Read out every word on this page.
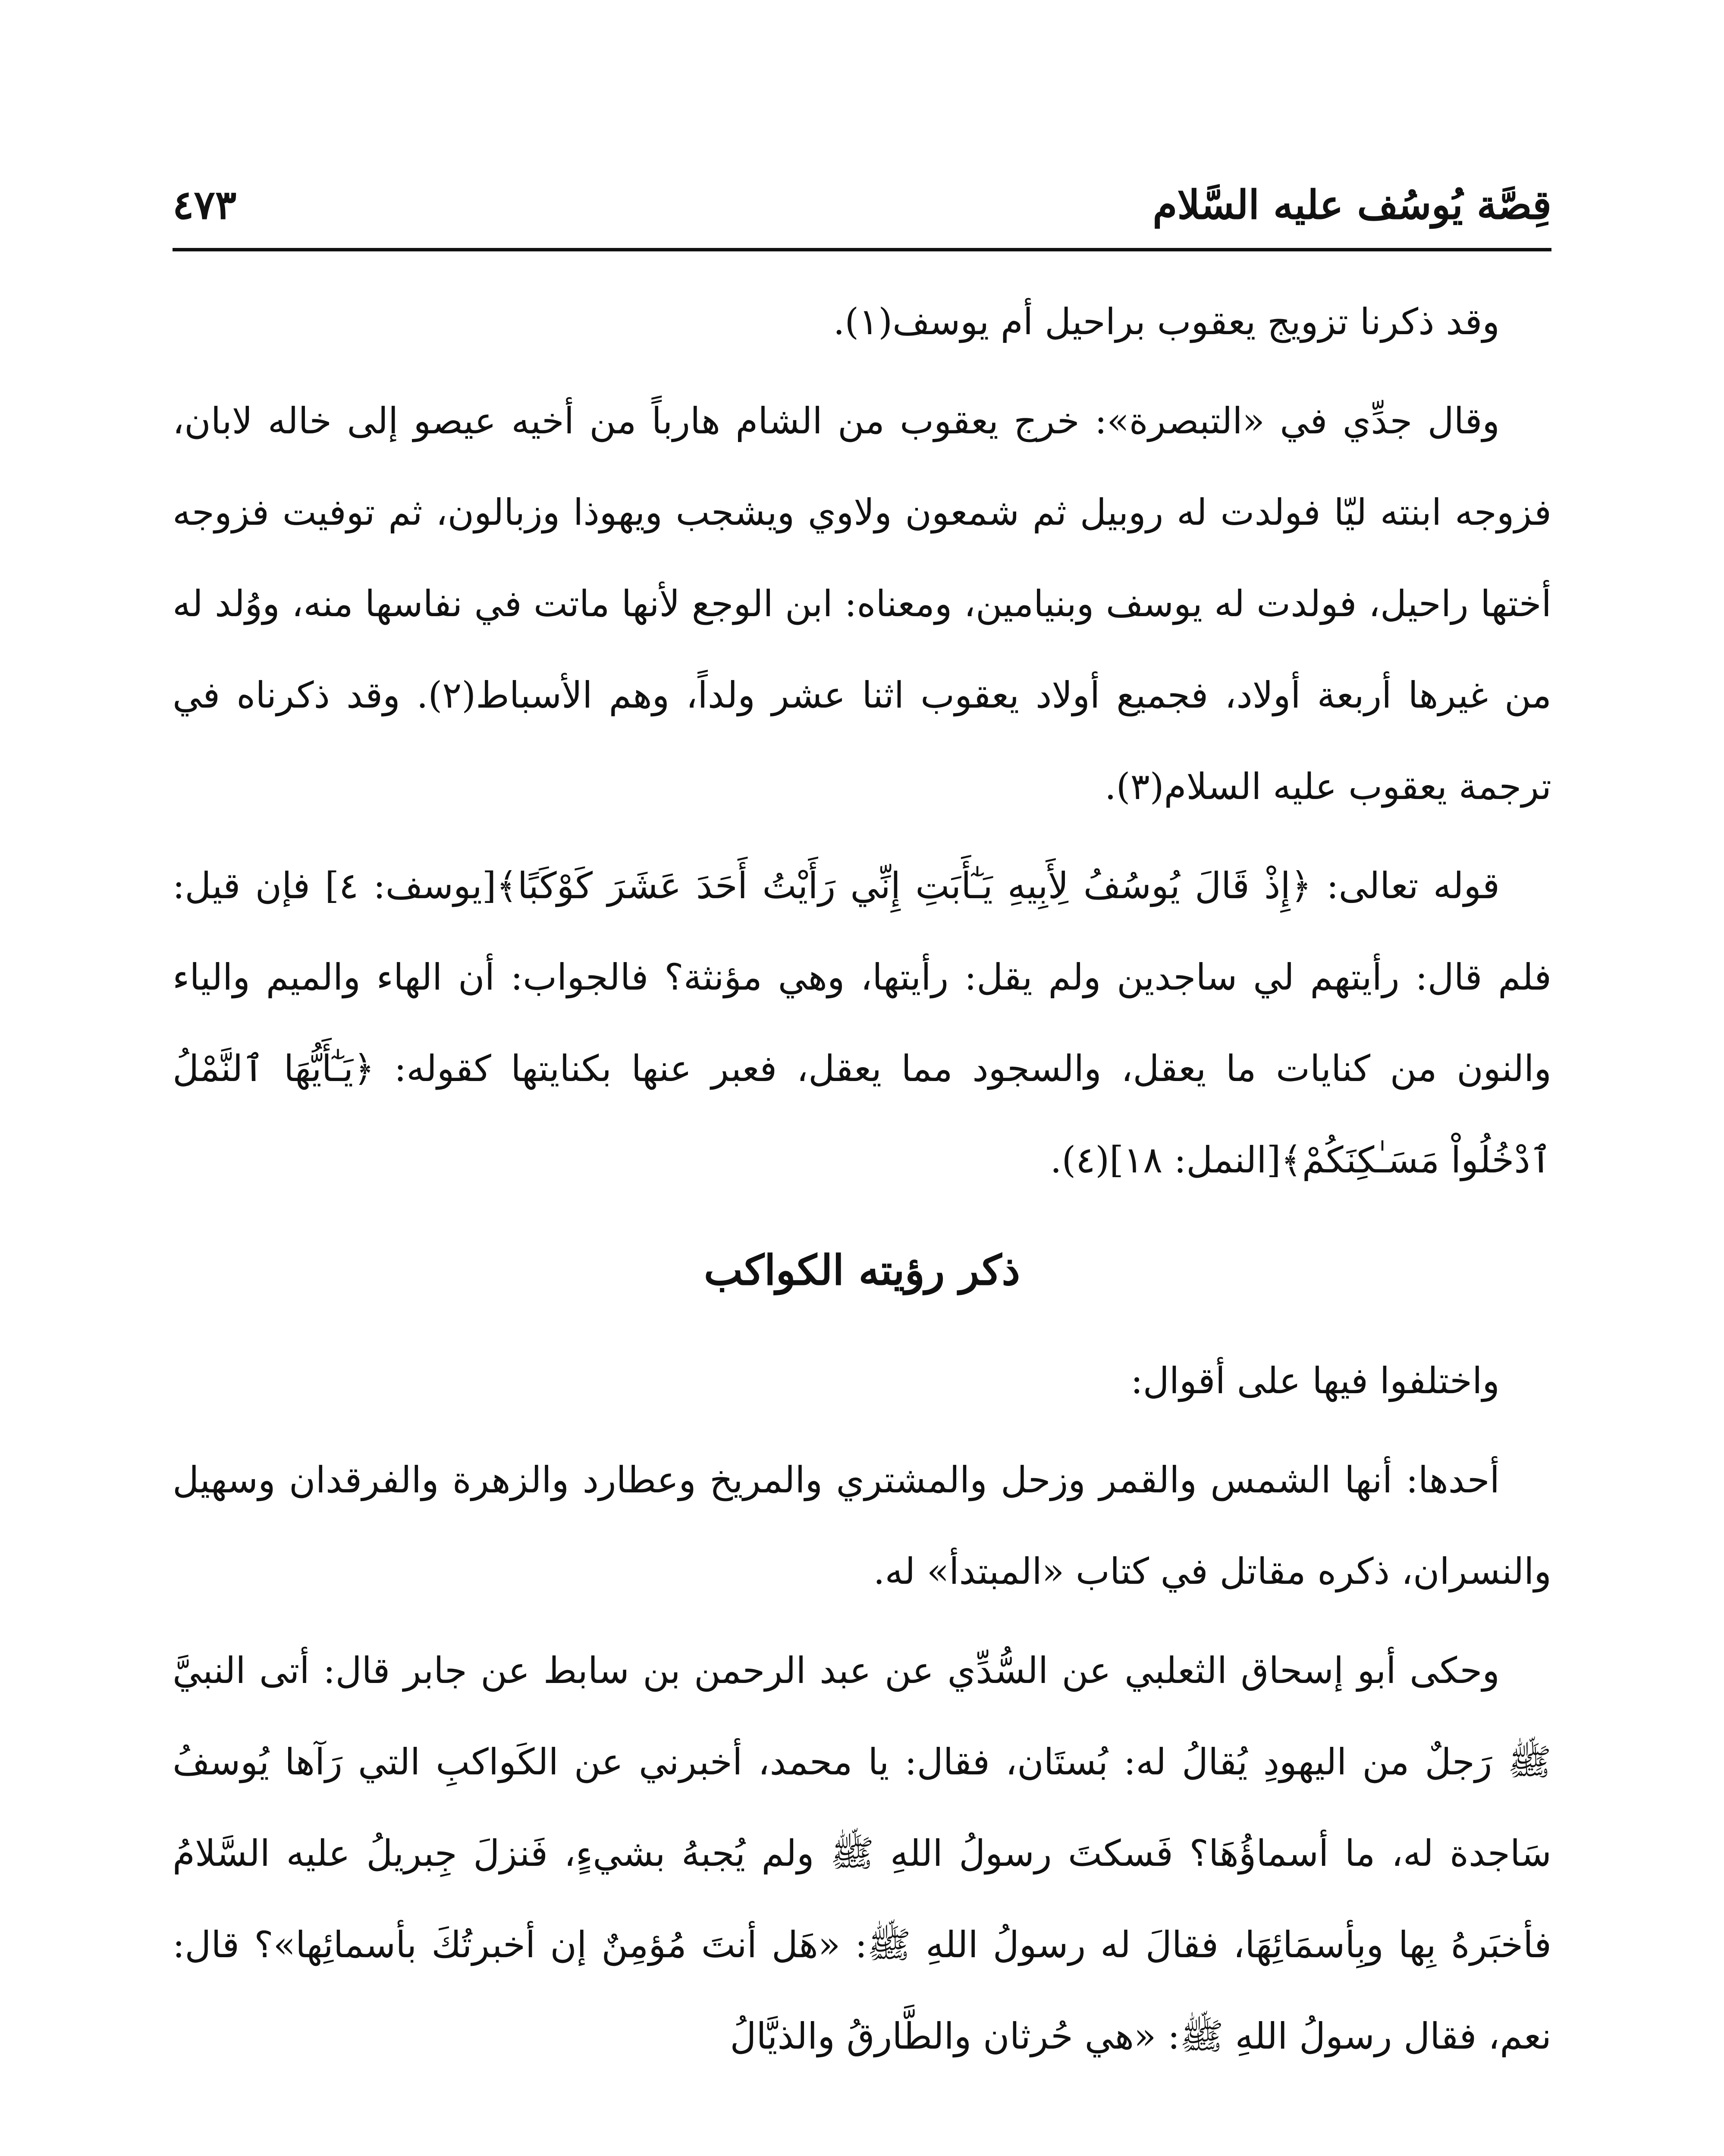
قِصَّة يُوسُف عليه السَّلام
٤٧٣

وقد ذكرنا تزويج يعقوب براحيل أم يوسف(١).

وقال جدِّي في «التبصرة»: خرج يعقوب من الشام هارباً من أخيه عيصو إلى خاله لابان، فزوجه ابنته ليّا فولدت له روبيل ثم شمعون ولاوي ويشجب ويهوذا وزبالون، ثم توفيت فزوجه أختها راحيل، فولدت له يوسف وبنيامين، ومعناه: ابن الوجع لأنها ماتت في نفاسها منه، ووُلد له من غيرها أربعة أولاد، فجميع أولاد يعقوب اثنا عشر ولداً، وهم الأسباط(٢). وقد ذكرناه في ترجمة يعقوب عليه السلام(٣).

قوله تعالى: ﴿إِذْ قَالَ يُوسُفُ لِأَبِيهِ يَـٰٓأَبَتِ إِنِّي رَأَيْتُ أَحَدَ عَشَرَ كَوْكَبًا﴾[يوسف: ٤] فإن قيل: فلم قال: رأيتهم لي ساجدين ولم يقل: رأيتها، وهي مؤنثة؟ فالجواب: أن الهاء والميم والياء والنون من كنايات ما يعقل، والسجود مما يعقل، فعبر عنها بكنايتها كقوله: ﴿يَـٰٓأَيُّهَا ٱلنَّمْلُ ٱدْخُلُواْ مَسَـٰكِنَكُمْ﴾[النمل: ١٨](٤).

ذكر رؤيته الكواكب

واختلفوا فيها على أقوال:

أحدها: أنها الشمس والقمر وزحل والمشتري والمريخ وعطارد والزهرة والفرقدان وسهيل والنسران، ذكره مقاتل في كتاب «المبتدأ» له.

وحكى أبو إسحاق الثعلبي عن السُّدِّي عن عبد الرحمن بن سابط عن جابر قال: أتى النبيَّ ﷺ رَجلٌ من اليهودِ يُقالُ له: بُستَان، فقال: يا محمد، أخبرني عن الكَواكبِ التي رَآها يُوسفُ سَاجدة له، ما أسماؤُهَا؟ فَسكتَ رسولُ اللهِ ﷺ ولم يُجبهُ بشيءٍ، فَنزلَ جِبريلُ عليه السَّلامُ فأخبَرهُ بِها وبِأسمَائِهَا، فقالَ له رسولُ اللهِ ﷺ: «هَل أنتَ مُؤمِنٌ إن أخبرتُكَ بأسمائِها»؟ قال: نعم، فقال رسولُ اللهِ ﷺ: «هي حُرثان والطَّارقُ والذيَّالُ
